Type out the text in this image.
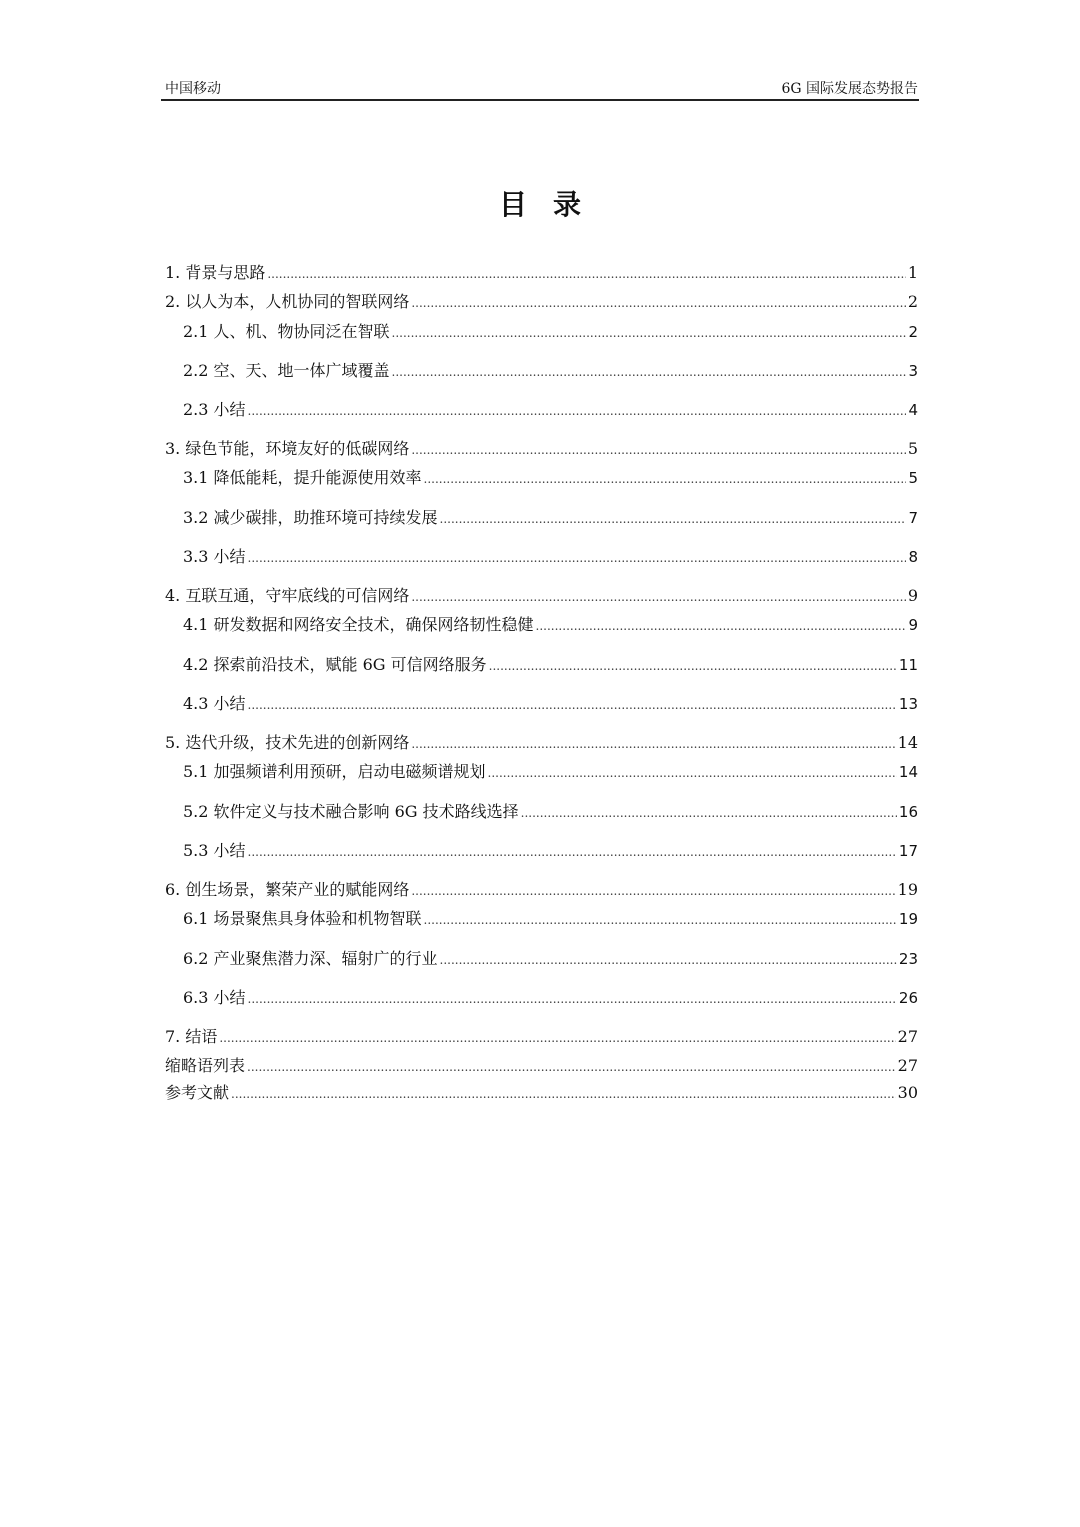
中国移动	6G 国际发展态势报告
目录
1. 背景与思路 .....	1
2. 以人为本，人机协同的智联网络 .....	2
2.1 人、机、物协同泛在智联 .....	2
2.2 空、天、地一体广域覆盖 .....	3
2.3 小结 .....	4
3. 绿色节能，环境友好的低碳网络 .....	5
3.1 降低能耗，提升能源使用效率 .....	5
3.2 减少碳排，助推环境可持续发展 .....	7
3.3 小结 .....	8
4. 互联互通，守牢底线的可信网络 .....	9
4.1 研发数据和网络安全技术，确保网络韧性稳健 .....	9
4.2 探索前沿技术，赋能 6G 可信网络服务 .....	11
4.3 小结 .....	13
5. 迭代升级，技术先进的创新网络 .....	14
5.1 加强频谱利用预研，启动电磁频谱规划 .....	14
5.2 软件定义与技术融合影响 6G 技术路线选择 .....	16
5.3 小结 .....	17
6. 创生场景，繁荣产业的赋能网络 .....	19
6.1 场景聚焦具身体验和机物智联 .....	19
6.2 产业聚焦潜力深、辐射广的行业 .....	23
6.3 小结 .....	26
7. 结语 .....	27
缩略语列表 .....	27
参考文献 .....	30
